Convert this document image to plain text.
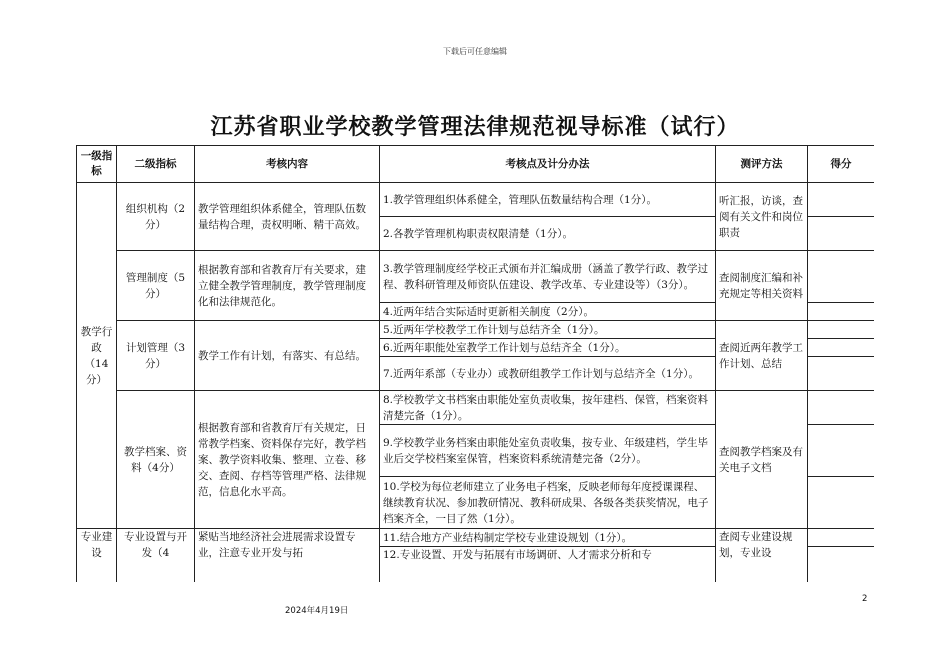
下载后可任意编辑
江苏省职业学校教学管理法律规范视导标准（试行）
一级指标	二级指标	考核内容	考核点及计分办法	测评方法	得分
教学行政（14分）	组织机构（2分）	教学管理组织体系健全，管理队伍数量结构合理，责权明晰、精干高效。	1.教学管理组织体系健全，管理队伍数量结构合理（1分）。	听汇报，访谈，查阅有关文件和岗位职责	
			2.各教学管理机构职责权限清楚（1分）。		
	管理制度（5分）	根据教育部和省教育厅有关要求，建立健全教学管理制度，教学管理制度化和法律规范化。	3.教学管理制度经学校正式颁布并汇编成册（涵盖了教学行政、教学过程、教科研管理及师资队伍建设、教学改革、专业建设等）（3分）。	查阅制度汇编和补充规定等相关资料	
			4.近两年结合实际适时更新相关制度（2分）。		
	计划管理（3分）	教学工作有计划，有落实、有总结。	5.近两年学校教学工作计划与总结齐全（1分）。	查阅近两年教学工作计划、总结	
			6.近两年职能处室教学工作计划与总结齐全（1分）。		
			7.近两年系部（专业办）或教研组教学工作计划与总结齐全（1分）。		
	教学档案、资料（4分）	根据教育部和省教育厅有关规定，日常教学档案、资料保存完好，教学档案、教学资料收集、整理、立卷、移交、查阅、存档等管理严格、法律规范，信息化水平高。	8.学校教学文书档案由职能处室负责收集，按年建档、保管，档案资料清楚完备（1分）。	查阅教学档案及有关电子文档	
			9.学校教学业务档案由职能处室负责收集，按专业、年级建档，学生毕业后交学校档案室保管，档案资料系统清楚完备（2分）。		
			10.学校为每位老师建立了业务电子档案，反映老师每年度授课课程、继续教育状况、参加教研情况、教科研成果、各级各类获奖情况，电子档案齐全，一目了然（1分）。		
专业建设	专业设置与开发（4	紧贴当地经济社会进展需求设置专业，注意专业开发与拓	11.结合地方产业结构制定学校专业建设规划（1分）。	查阅专业建设规划，专业设	
			12.专业设置、开发与拓展有市场调研、人才需求分析和专		
2
2024年4月19日
